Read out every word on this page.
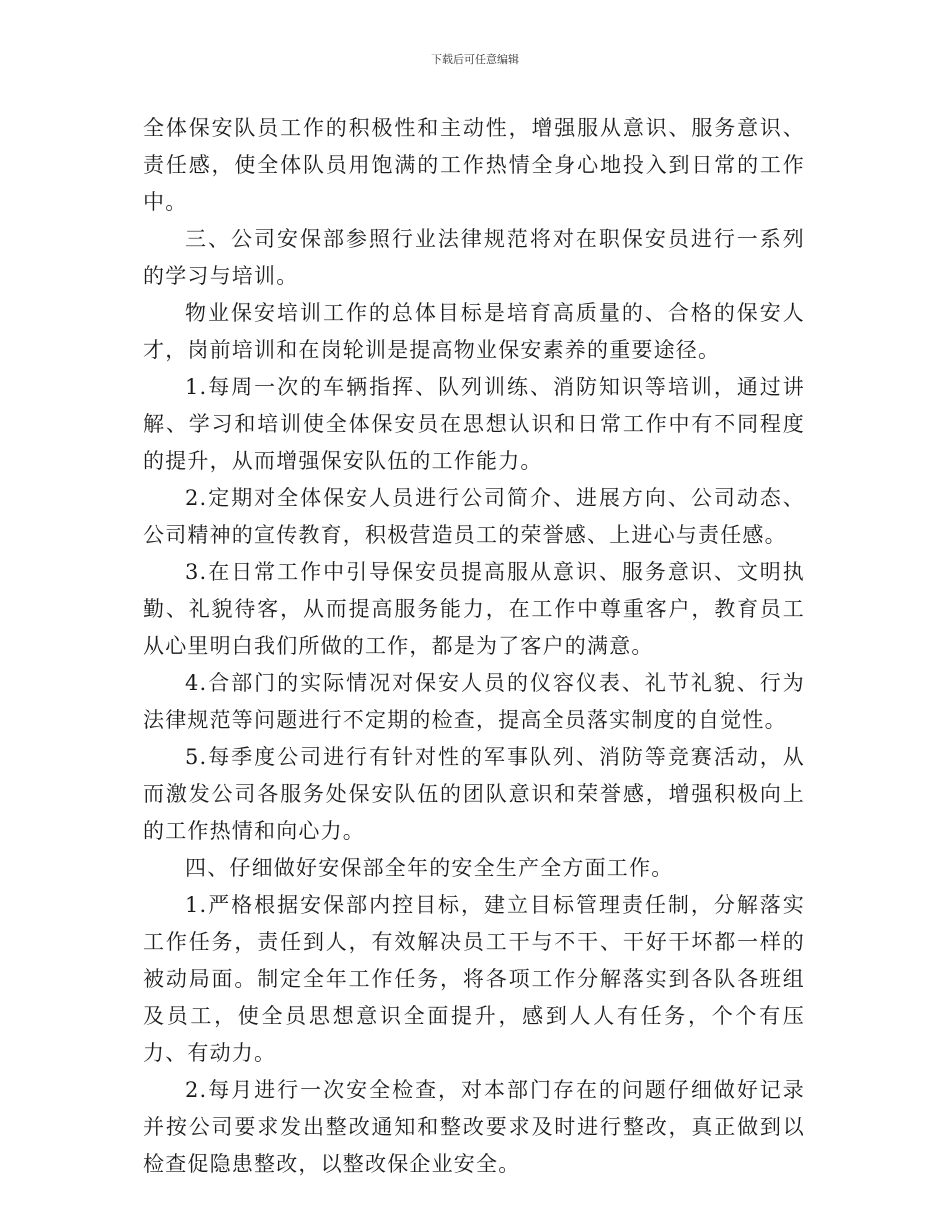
下载后可任意编辑

全体保安队员工作的积极性和主动性，增强服从意识、服务意识、责任感，使全体队员用饱满的工作热情全身心地投入到日常的工作中。

三、公司安保部参照行业法律规范将对在职保安员进行一系列的学习与培训。

物业保安培训工作的总体目标是培育高质量的、合格的保安人才，岗前培训和在岗轮训是提高物业保安素养的重要途径。

1.每周一次的车辆指挥、队列训练、消防知识等培训，通过讲解、学习和培训使全体保安员在思想认识和日常工作中有不同程度的提升，从而增强保安队伍的工作能力。

2.定期对全体保安人员进行公司简介、进展方向、公司动态、公司精神的宣传教育，积极营造员工的荣誉感、上进心与责任感。

3.在日常工作中引导保安员提高服从意识、服务意识、文明执勤、礼貌待客，从而提高服务能力，在工作中尊重客户，教育员工从心里明白我们所做的工作，都是为了客户的满意。

4.合部门的实际情况对保安人员的仪容仪表、礼节礼貌、行为法律规范等问题进行不定期的检查，提高全员落实制度的自觉性。

5.每季度公司进行有针对性的军事队列、消防等竞赛活动，从而激发公司各服务处保安队伍的团队意识和荣誉感，增强积极向上的工作热情和向心力。

四、仔细做好安保部全年的安全生产全方面工作。

1.严格根据安保部内控目标，建立目标管理责任制，分解落实工作任务，责任到人，有效解决员工干与不干、干好干坏都一样的被动局面。制定全年工作任务，将各项工作分解落实到各队各班组及员工，使全员思想意识全面提升，感到人人有任务，个个有压力、有动力。

2.每月进行一次安全检查，对本部门存在的问题仔细做好记录并按公司要求发出整改通知和整改要求及时进行整改，真正做到以检查促隐患整改，以整改保企业安全。
